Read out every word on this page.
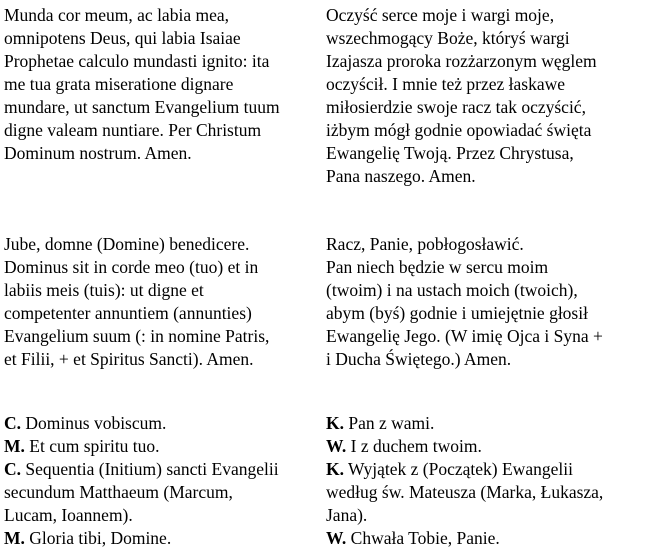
Munda cor meum, ac labia mea,
omnipotens Deus, qui labia Isaiae
Prophetae calculo mundasti ignito: ita
me tua grata miseratione dignare
mundare, ut sanctum Evangelium tuum
digne valeam nuntiare. Per Christum
Dominum nostrum. Amen.
Oczyść serce moje i wargi moje,
wszechmogący Boże, któryś wargi
Izajasza proroka rozżarzonym węglem
oczyścił. I mnie też przez łaskawe
miłosierdzie swoje racz tak oczyścić,
iżbym mógł godnie opowiadać święta
Ewangelię Twoją. Przez Chrystusa,
Pana naszego. Amen.
Jube, domne (Domine) benedicere.
Dominus sit in corde meo (tuo) et in
labiis meis (tuis): ut digne et
competenter annuntiem (annunties)
Evangelium suum (: in nomine Patris,
et Filii, + et Spiritus Sancti). Amen.
Racz, Panie, pobłogosławić.
Pan niech będzie w sercu moim
(twoim) i na ustach moich (twoich),
abym (byś) godnie i umiejętnie głosił
Ewangelię Jego. (W imię Ojca i Syna +
i Ducha Świętego.) Amen.
C. Dominus vobiscum.
M. Et cum spiritu tuo.
C. Sequentia (Initium) sancti Evangelii
secundum Matthaeum (Marcum,
Lucam, Ioannem).
M. Gloria tibi, Domine.
K. Pan z wami.
W. I z duchem twoim.
K. Wyjątek z (Początek) Ewangelii
według św. Mateusza (Marka, Łukasza,
Jana).
W. Chwała Tobie, Panie.
